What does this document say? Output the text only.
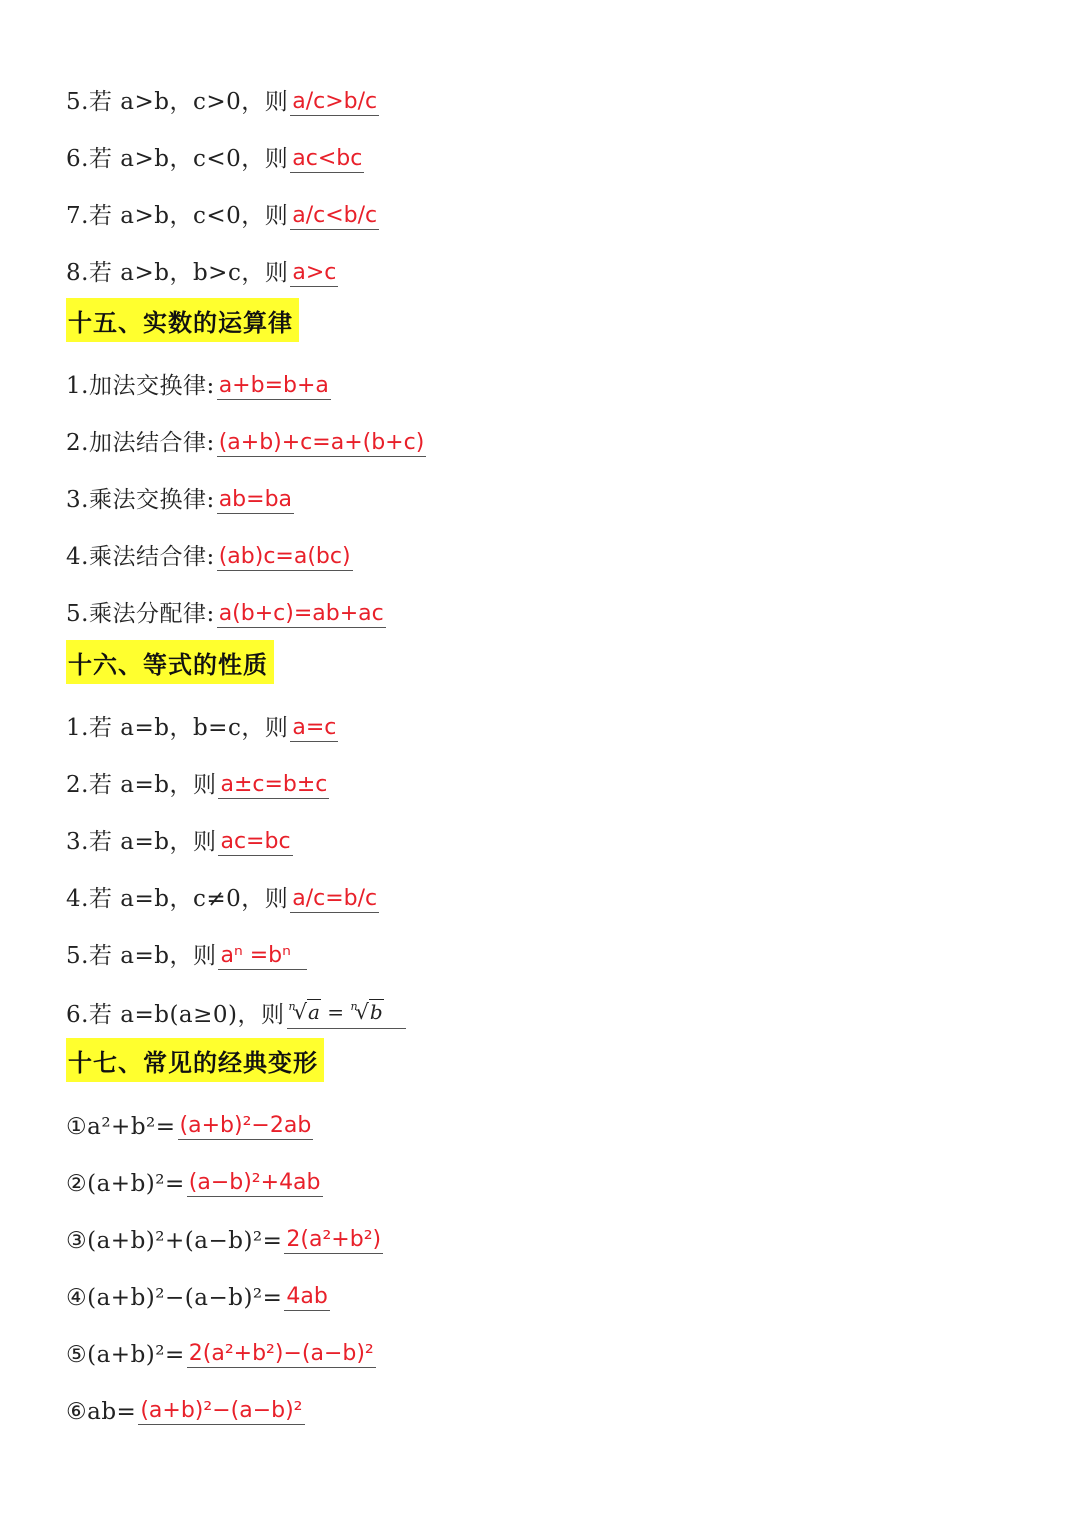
5.若 a>b，c>0，则 a/c>b/c
6.若 a>b，c<0，则 ac<bc
7.若 a>b，c<0，则 a/c<b/c
8.若 a>b，b>c，则 a>c
十五、实数的运算律
1.加法交换律: a+b=b+a
2.加法结合律: (a+b)+c=a+(b+c)
3.乘法交换律: ab=ba
4.乘法结合律: (ab)c=a(bc)
5.乘法分配律: a(b+c)=ab+ac
十六、等式的性质
1.若 a=b，b=c，则 a=c
2.若 a=b，则 a±c=b±c
3.若 a=b，则 ac=bc
4.若 a=b，c≠0，则 a/c=b/c
5.若 a=b，则 aⁿ =bⁿ
6.若 a=b(a≥0)，则 $^n$√a = $^n$√b
十七、常见的经典变形
①a²+b²= (a+b)²−2ab
②(a+b)²= (a−b)²+4ab
③(a+b)²+(a−b)²= 2(a²+b²)
④(a+b)²−(a−b)²= 4ab
⑤(a+b)²= 2(a²+b²)−(a−b)²
⑥ab= (a+b)²−(a−b)²
